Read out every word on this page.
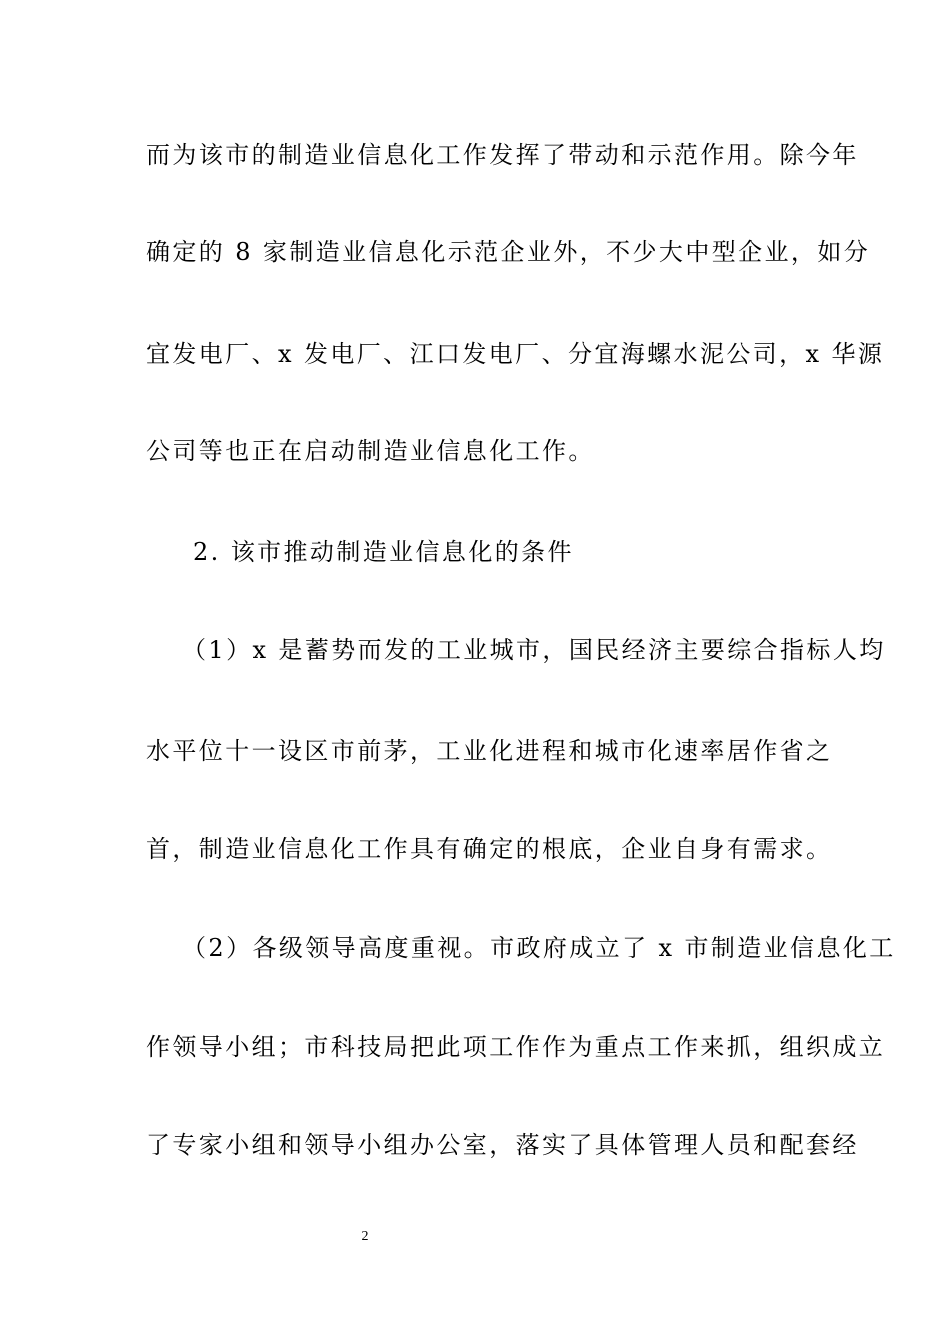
而为该市的制造业信息化工作发挥了带动和示范作用。除今年
确定的 8 家制造业信息化示范企业外，不少大中型企业，如分
宜发电厂、x 发电厂、江口发电厂、分宜海螺水泥公司，x 华源
公司等也正在启动制造业信息化工作。
2. 该市推动制造业信息化的条件
（1）x 是蓄势而发的工业城市，国民经济主要综合指标人均
水平位十一设区市前茅，工业化进程和城市化速率居作省之
首，制造业信息化工作具有确定的根底，企业自身有需求。
（2）各级领导高度重视。市政府成立了 x 市制造业信息化工
作领导小组；市科技局把此项工作作为重点工作来抓，组织成立
了专家小组和领导小组办公室，落实了具体管理人员和配套经
2
